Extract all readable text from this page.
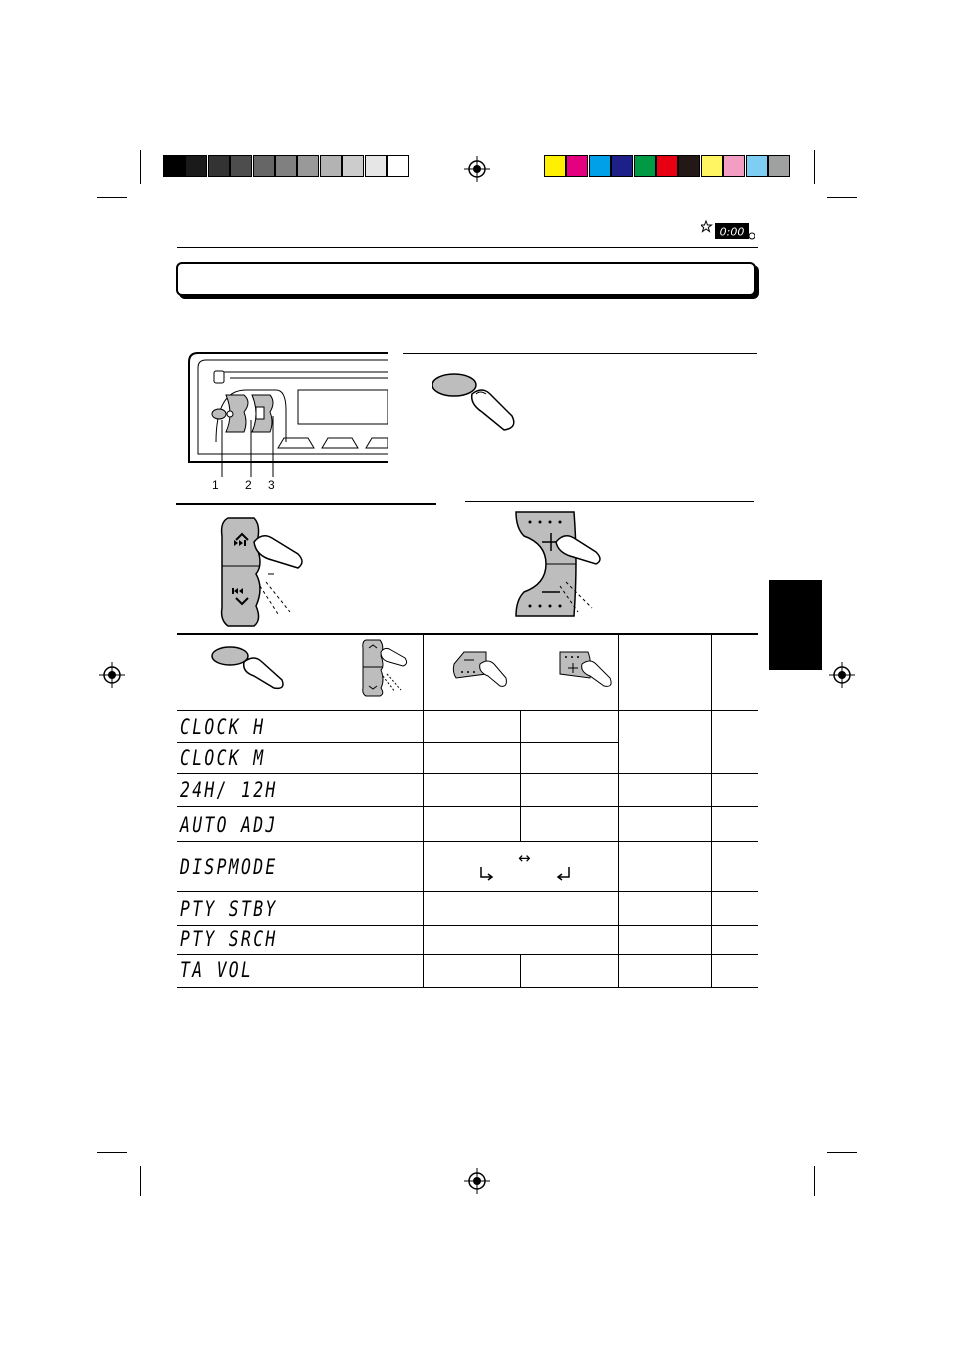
0:00
1 2 3
CLOCK H
CLOCK M
24H/ 12H
AUTO ADJ
DISPMODE
PTY STBY
PTY SRCH
TA VOL
↔
